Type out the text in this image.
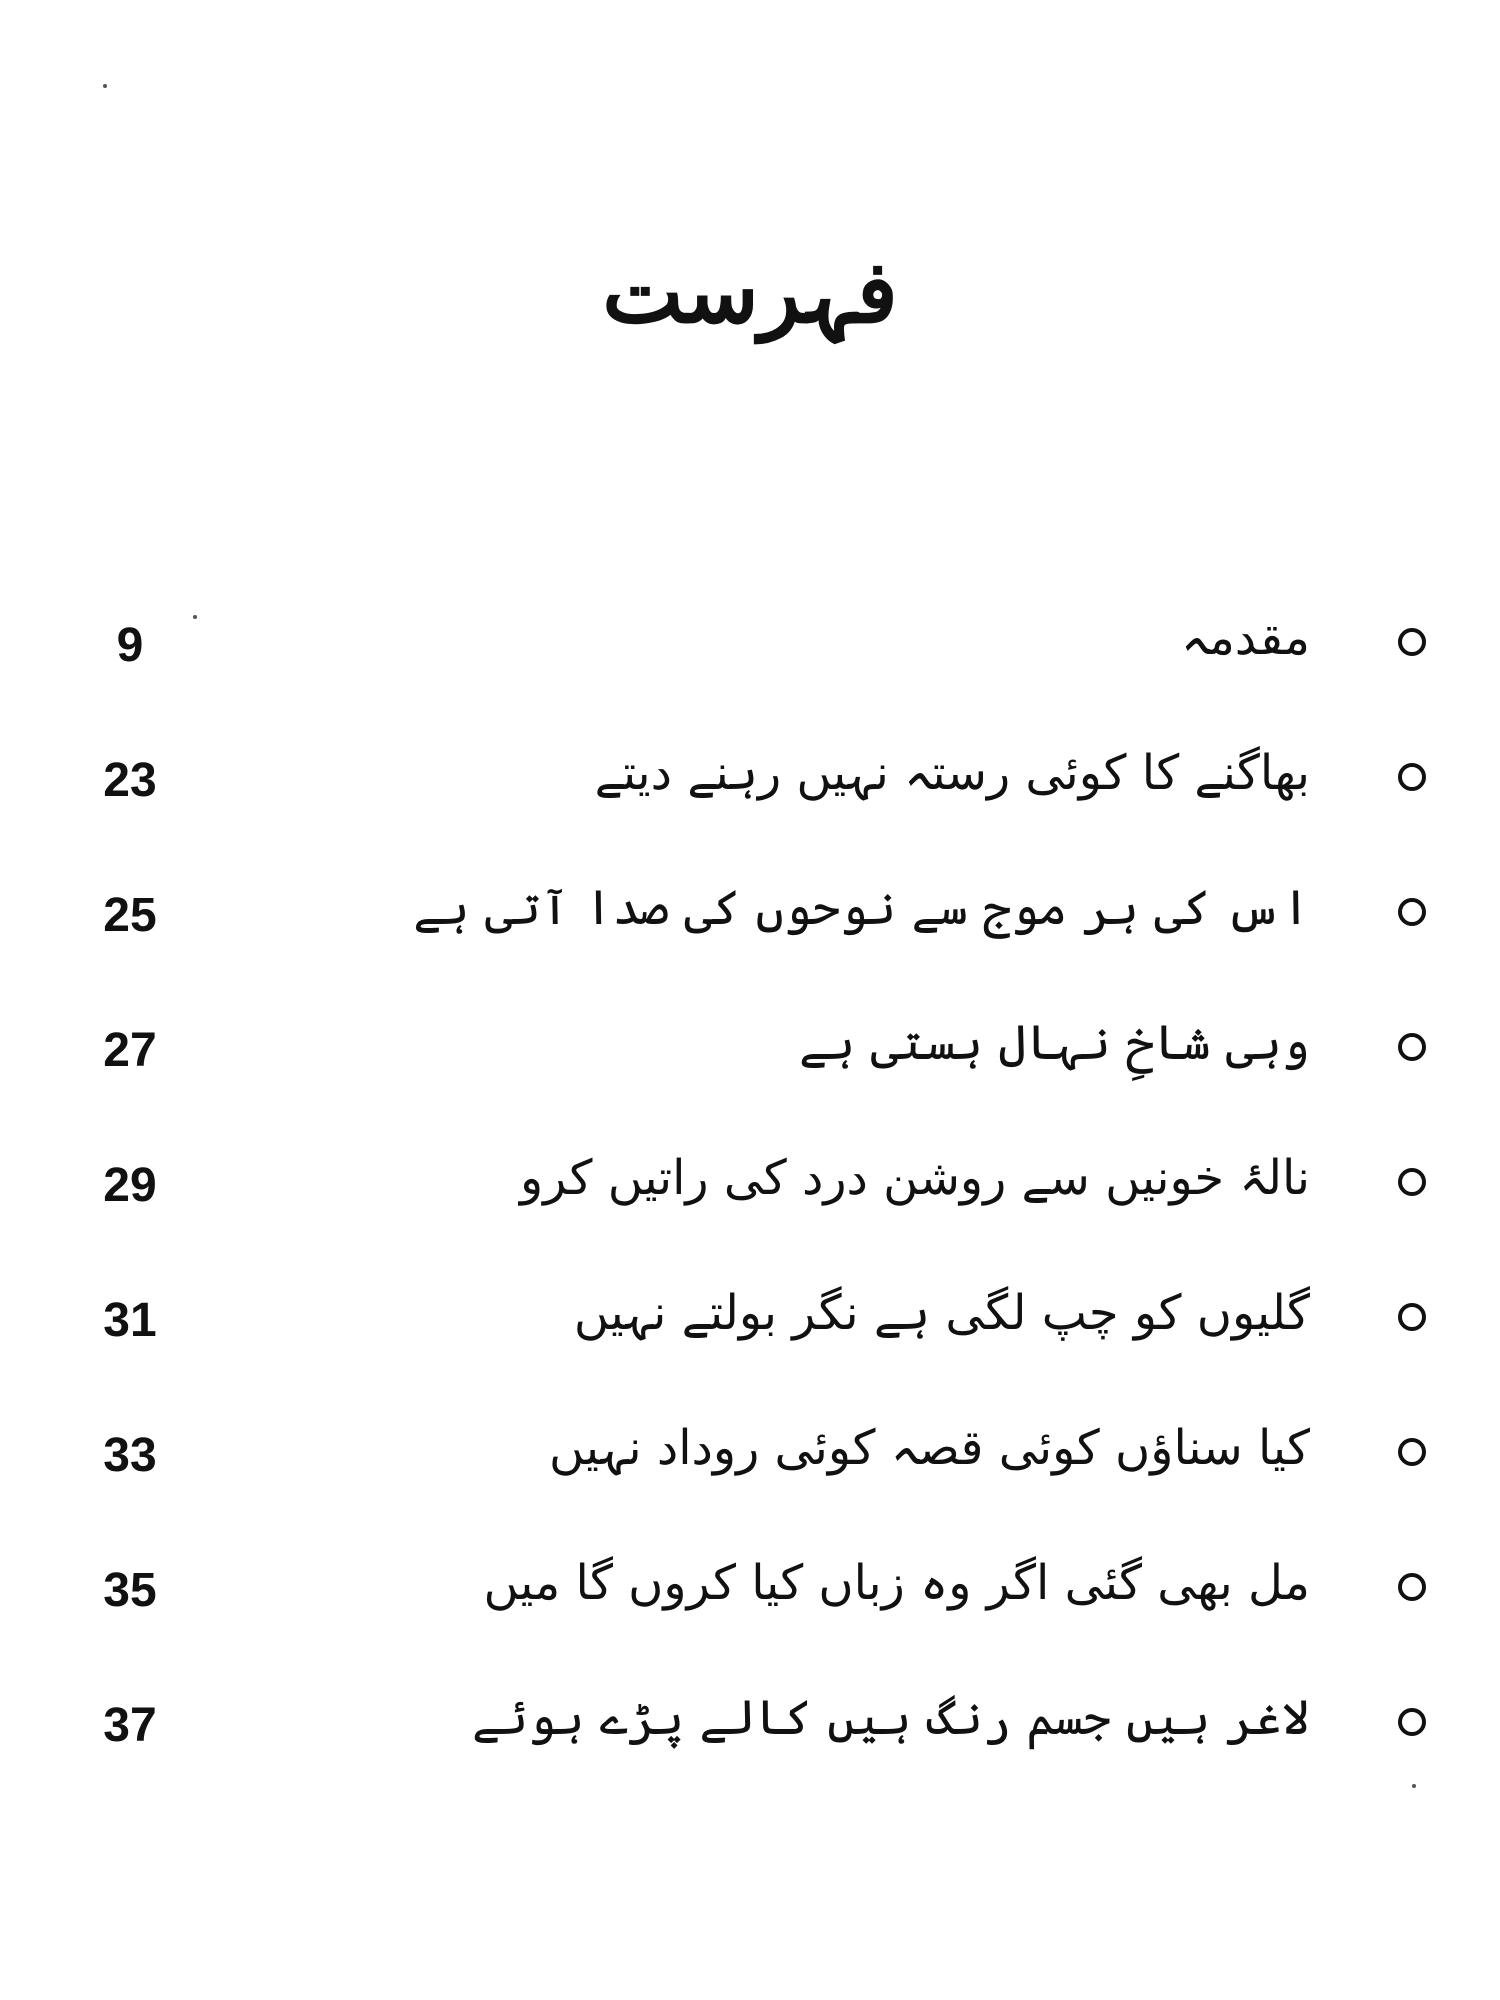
فہرست
9	مقدمہ
23	بھاگنے کا کوئی رستہ نہیں رہنے دیتے
25	اس کی ہر موج سے نوحوں کی صدا آتی ہے
27	وہی شاخِ نہال ہستی ہے
29	نالۂ خونیں سے روشن درد کی راتیں کرو
31	گلیوں کو چپ لگی ہے نگر بولتے نہیں
33	کیا سناؤں کوئی قصہ کوئی روداد نہیں
35	مل بھی گئی اگر وہ زباں کیا کروں گا میں
37	لاغر ہیں جسم رنگ ہیں کالے پڑے ہوئے
